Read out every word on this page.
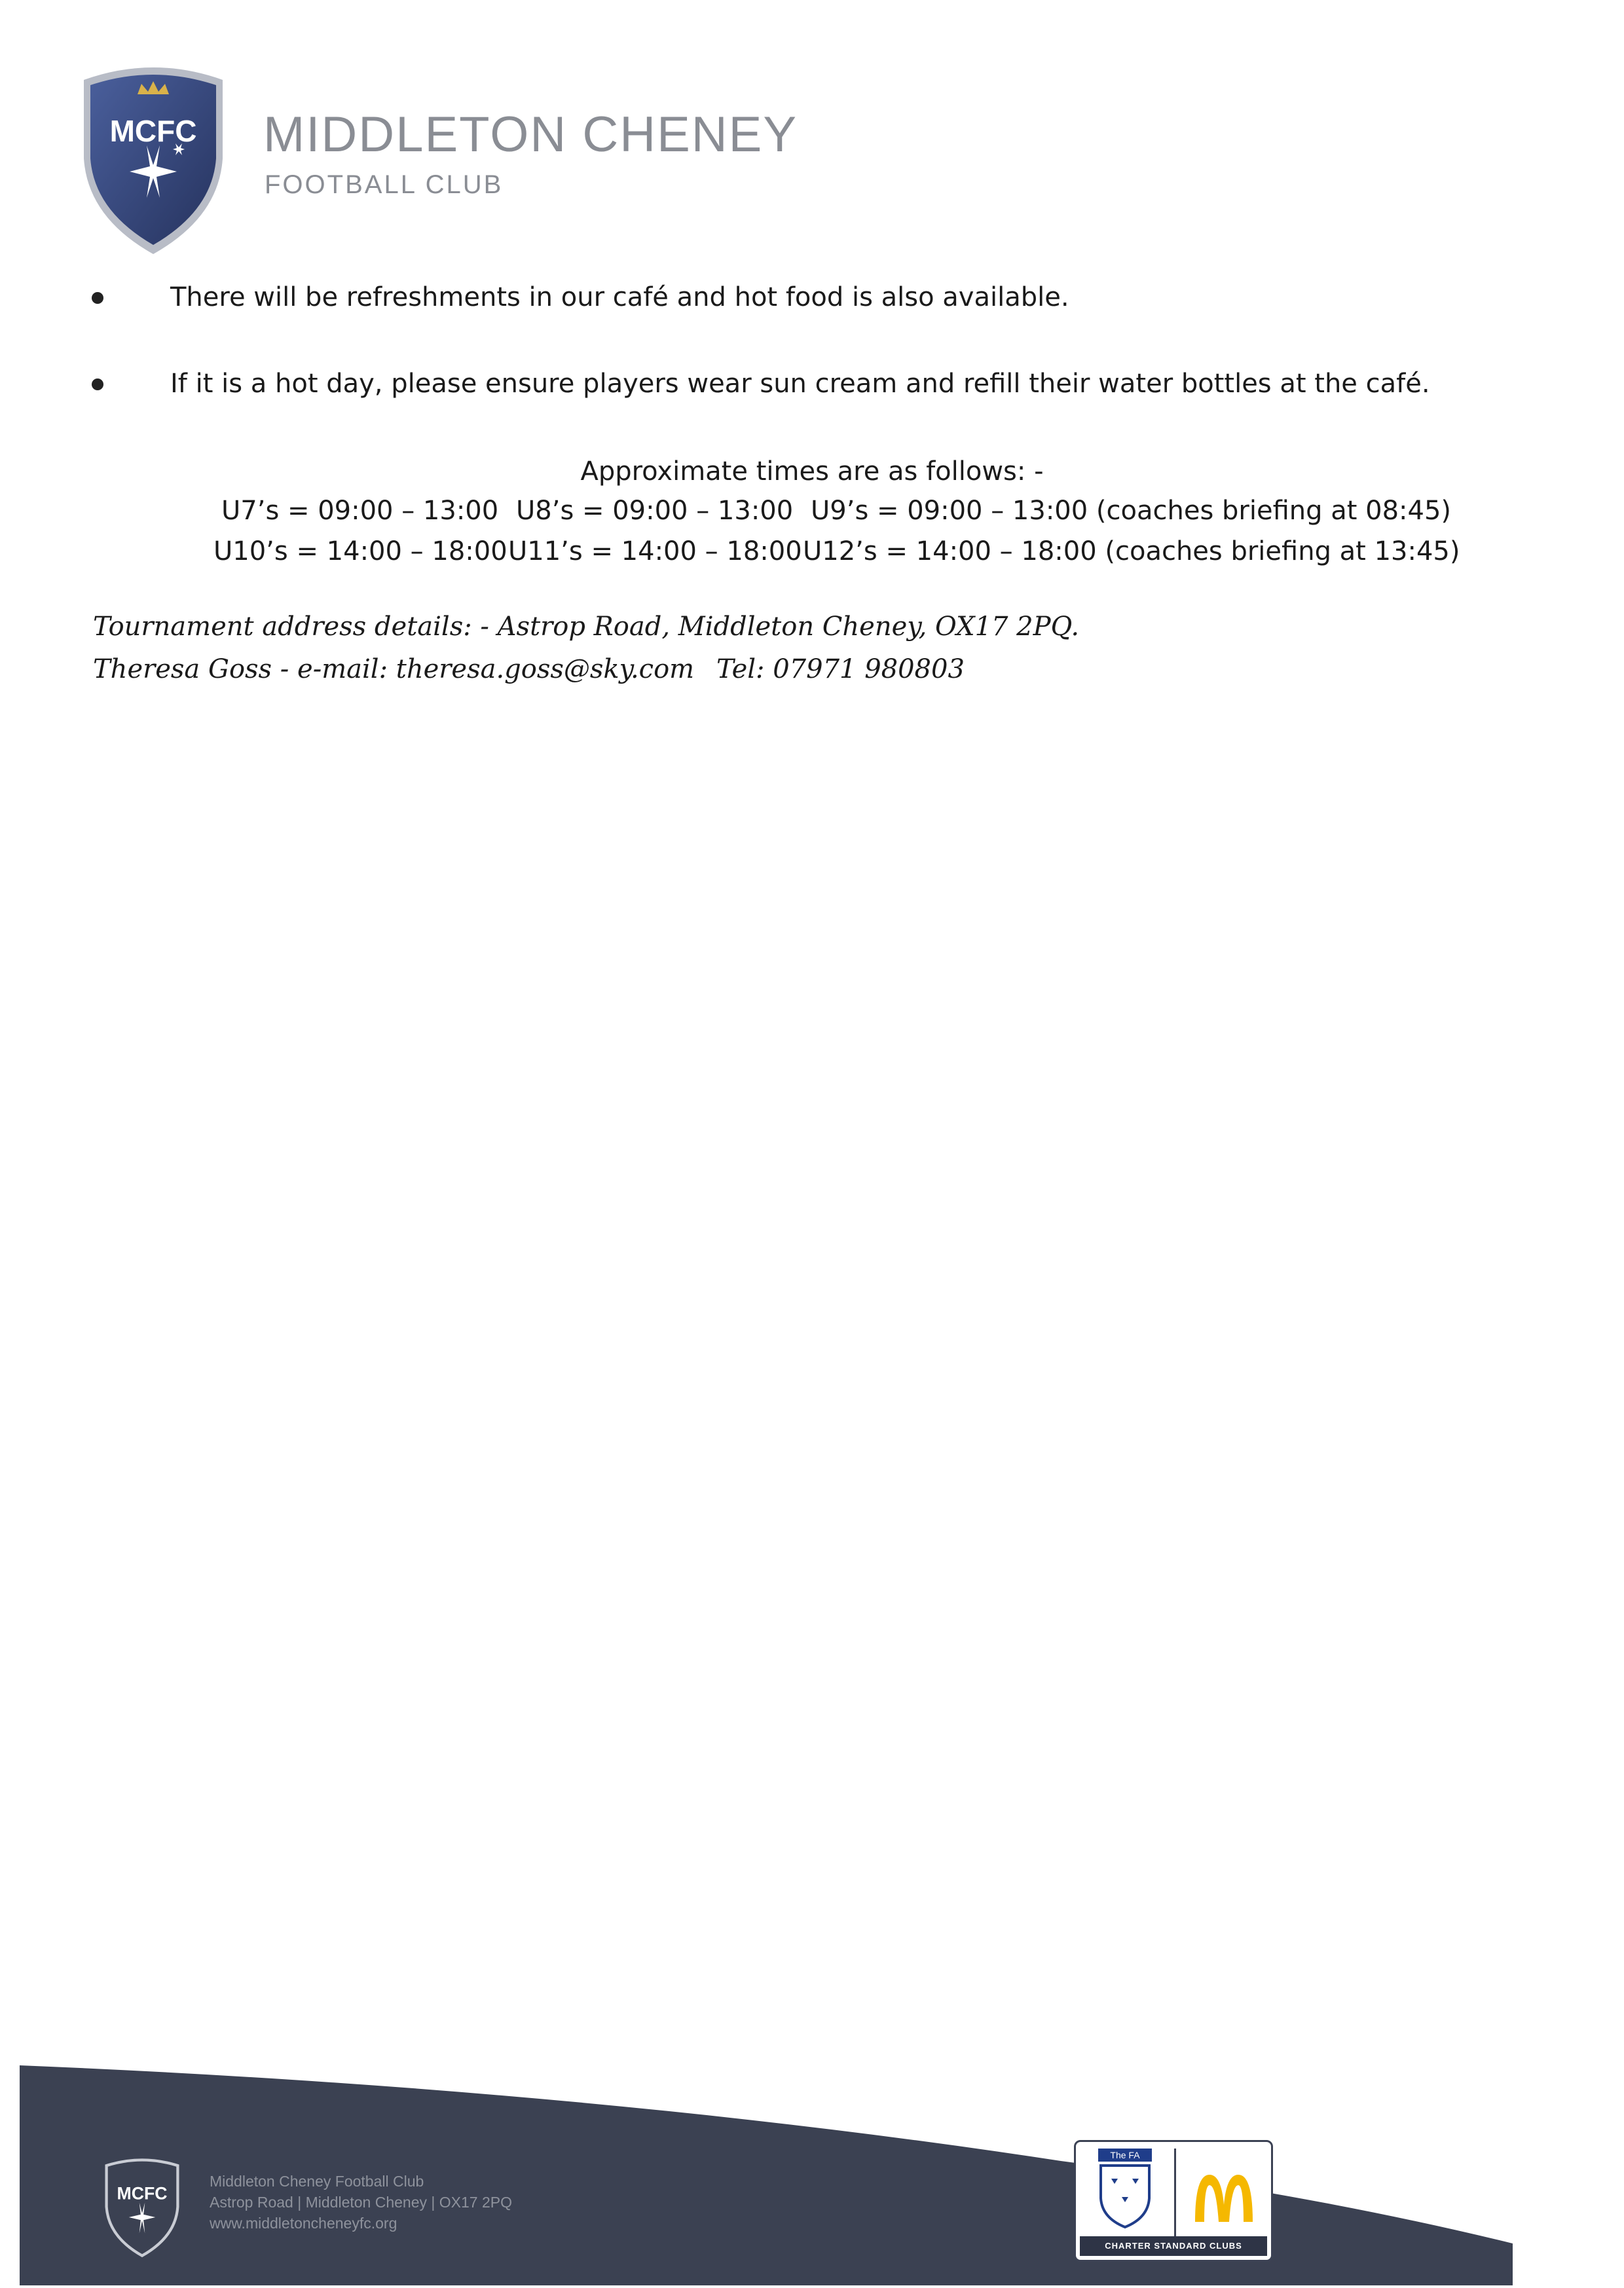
MCFC MIDDLETON CHENEY
FOOTBALL CLUB
There will be refreshments in our café and hot food is also available.
If it is a hot day, please ensure players wear sun cream and refill their water bottles at the café.
Approximate times are as follows: -
U7’s = 09:00 – 13:00 U8’s = 09:00 – 13:00 U9’s = 09:00 – 13:00 (coaches briefing at 08:45)
U10’s = 14:00 – 18:00 U11’s = 14:00 – 18:00 U12’s = 14:00 – 18:00 (coaches briefing at 13:45)
Tournament address details: - Astrop Road, Middleton Cheney, OX17 2PQ.
Theresa Goss - e-mail: theresa.goss@sky.com Tel: 07971 980803
MCFC
Middleton Cheney Football Club
Astrop Road | Middleton Cheney | OX17 2PQ
www.middletoncheneyfc.org
The FA
CHARTER STANDARD CLUBS
